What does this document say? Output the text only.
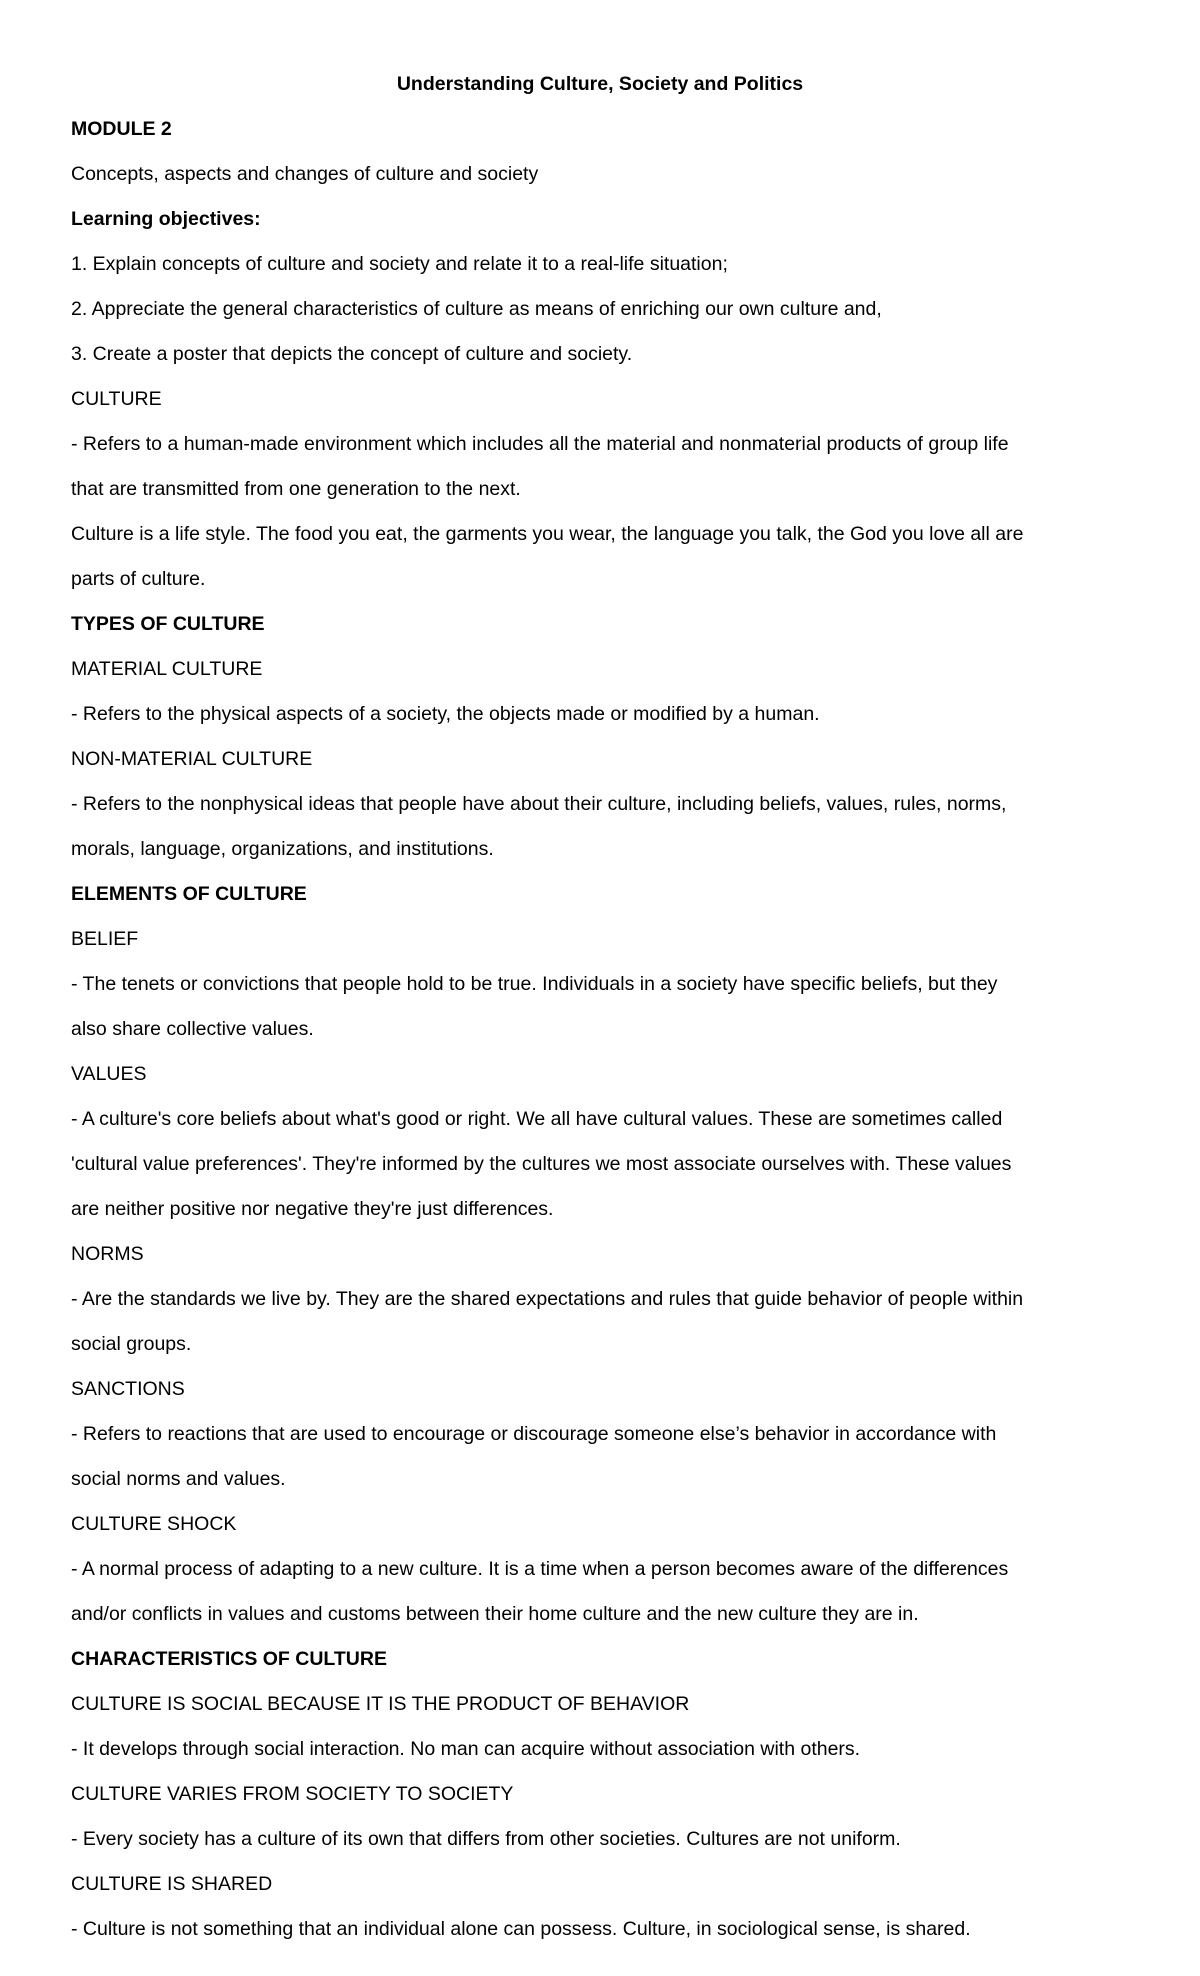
Understanding Culture, Society and Politics
MODULE 2
Concepts, aspects and changes of culture and society
Learning objectives:
1. Explain concepts of culture and society and relate it to a real-life situation;
2. Appreciate the general characteristics of culture as means of enriching our own culture and,
3. Create a poster that depicts the concept of culture and society.
CULTURE
- Refers to a human-made environment which includes all the material and nonmaterial products of group life
that are transmitted from one generation to the next.
Culture is a life style. The food you eat, the garments you wear, the language you talk, the God you love all are
parts of culture.
TYPES OF CULTURE
MATERIAL CULTURE
- Refers to the physical aspects of a society, the objects made or modified by a human.
NON-MATERIAL CULTURE
- Refers to the nonphysical ideas that people have about their culture, including beliefs, values, rules, norms,
morals, language, organizations, and institutions.
ELEMENTS OF CULTURE
BELIEF
- The tenets or convictions that people hold to be true. Individuals in a society have specific beliefs, but they
also share collective values.
VALUES
- A culture's core beliefs about what's good or right. We all have cultural values. These are sometimes called
'cultural value preferences'. They're informed by the cultures we most associate ourselves with. These values
are neither positive nor negative they're just differences.
NORMS
- Are the standards we live by. They are the shared expectations and rules that guide behavior of people within
social groups.
SANCTIONS
- Refers to reactions that are used to encourage or discourage someone else’s behavior in accordance with
social norms and values.
CULTURE SHOCK
- A normal process of adapting to a new culture. It is a time when a person becomes aware of the differences
and/or conflicts in values and customs between their home culture and the new culture they are in.
CHARACTERISTICS OF CULTURE
CULTURE IS SOCIAL BECAUSE IT IS THE PRODUCT OF BEHAVIOR
- It develops through social interaction. No man can acquire without association with others.
CULTURE VARIES FROM SOCIETY TO SOCIETY
- Every society has a culture of its own that differs from other societies. Cultures are not uniform.
CULTURE IS SHARED
- Culture is not something that an individual alone can possess. Culture, in sociological sense, is shared.
